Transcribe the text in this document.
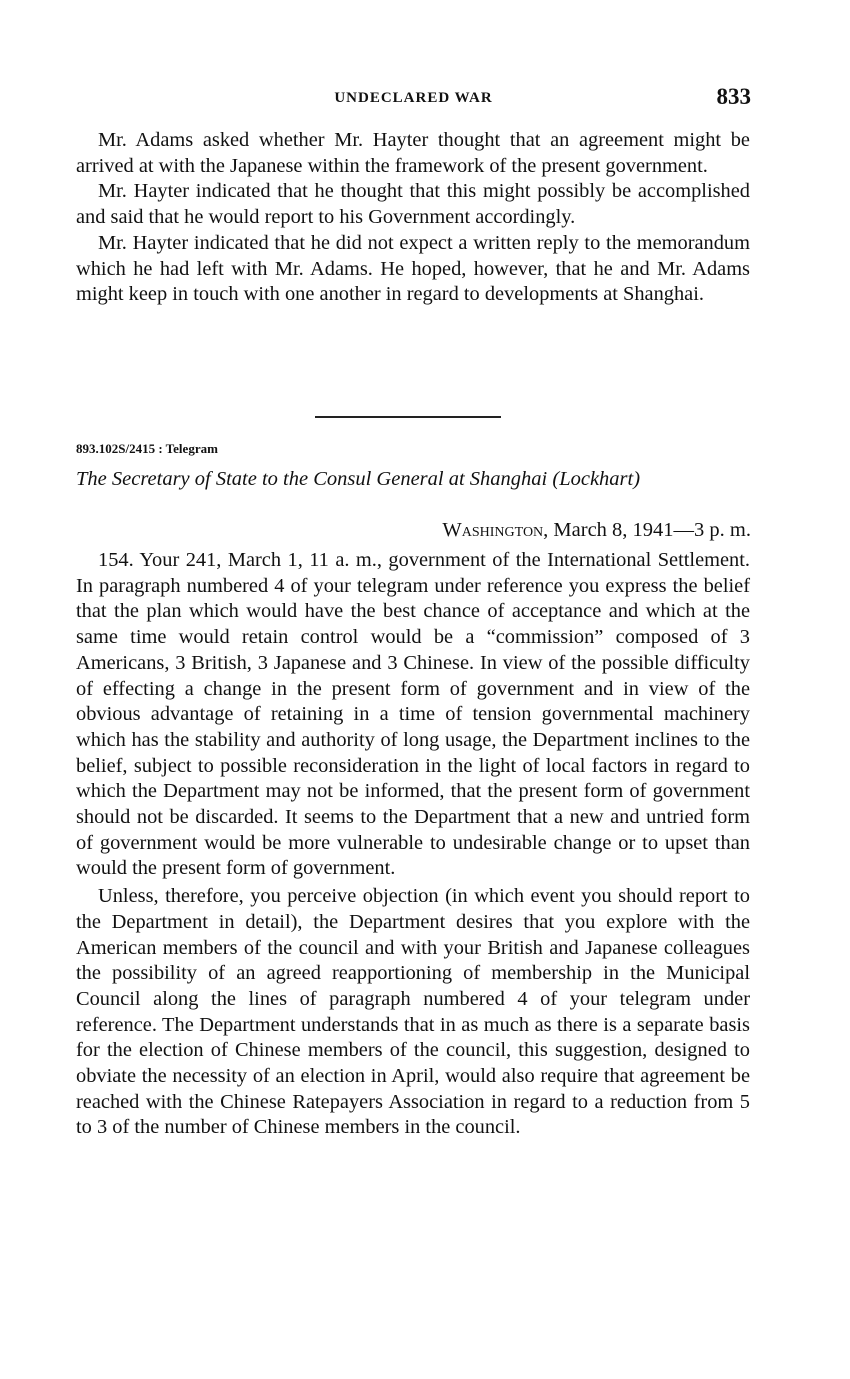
UNDECLARED WAR	833

Mr. Adams asked whether Mr. Hayter thought that an agreement might be arrived at with the Japanese within the framework of the present government.

Mr. Hayter indicated that he thought that this might possibly be accomplished and said that he would report to his Government accordingly.

Mr. Hayter indicated that he did not expect a written reply to the memorandum which he had left with Mr. Adams. He hoped, however, that he and Mr. Adams might keep in touch with one another in regard to developments at Shanghai.

893.102S/2415 : Telegram
The Secretary of State to the Consul General at Shanghai (Lockhart)
Washington, March 8, 1941—3 p. m.

154. Your 241, March 1, 11 a. m., government of the International Settlement. In paragraph numbered 4 of your telegram under reference you express the belief that the plan which would have the best chance of acceptance and which at the same time would retain control would be a “commission” composed of 3 Americans, 3 British, 3 Japanese and 3 Chinese. In view of the possible difficulty of effecting a change in the present form of government and in view of the obvious advantage of retaining in a time of tension governmental machinery which has the stability and authority of long usage, the Department inclines to the belief, subject to possible reconsideration in the light of local factors in regard to which the Department may not be informed, that the present form of government should not be discarded. It seems to the Department that a new and untried form of government would be more vulnerable to undesirable change or to upset than would the present form of government.

Unless, therefore, you perceive objection (in which event you should report to the Department in detail), the Department desires that you explore with the American members of the council and with your British and Japanese colleagues the possibility of an agreed reapportioning of membership in the Municipal Council along the lines of paragraph numbered 4 of your telegram under reference. The Department understands that in as much as there is a separate basis for the election of Chinese members of the council, this suggestion, designed to obviate the necessity of an election in April, would also require that agreement be reached with the Chinese Ratepayers Association in regard to a reduction from 5 to 3 of the number of Chinese members in the council.
